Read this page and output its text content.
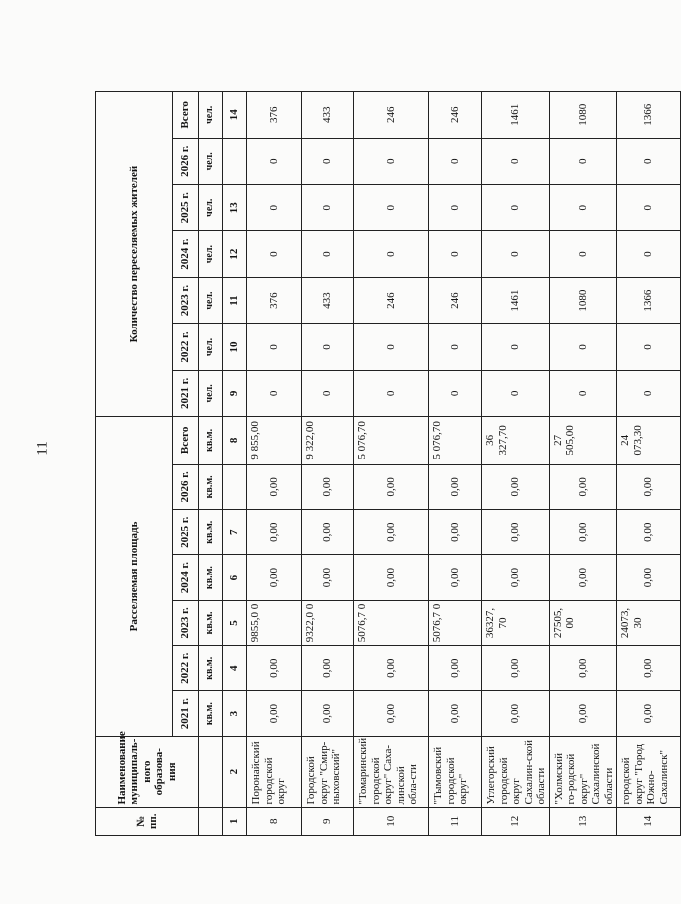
11
№ пп.	Наименование муниципаль-ного образова-ния	Расселяемая площадь							Количество переселяемых жителей						
		2021 г.	2022 г.	2023 г.	2024 г.	2025 г.	2026 г.	Всего	2021 г.	2022 г.	2023 г.	2024 г.	2025 г.	2026 г.	Всего
		кв.м.	кв.м.	кв.м.	кв.м.	кв.м.	кв.м.	кв.м.	чел.	чел.	чел.	чел.	чел.	чел.	чел.
1	2	3	4	5	6	7		8	9	10	11	12	13		14
8	Поронайский городской округ	0,00	0,00	9855,0 0	0,00	0,00	0,00	9 855,00	0	0	376	0	0	0	376
9	Городской округ "Смир-ныховский"	0,00	0,00	9322,0 0	0,00	0,00	0,00	9 322,00	0	0	433	0	0	0	433
10	"Томаринский городской округ" Саха-линской обла-сти	0,00	0,00	5076,7 0	0,00	0,00	0,00	5 076,70	0	0	246	0	0	0	246
11	"Тымовский городской округ"	0,00	0,00	5076,7 0	0,00	0,00	0,00	5 076,70	0	0	246	0	0	0	246
12	Углегорский городской округ Сахалин-ской области	0,00	0,00	36327, 70	0,00	0,00	0,00	36 327,70	0	0	1461	0	0	0	1461
13	"Холмский го-родской округ" Сахалинской области	0,00	0,00	27505, 00	0,00	0,00	0,00	27 505,00	0	0	1080	0	0	0	1080
14	городской округ "Город Южно-Сахалинск"	0,00	0,00	24073, 30	0,00	0,00	0,00	24 073,30	0	0	1366	0	0	0	1366
